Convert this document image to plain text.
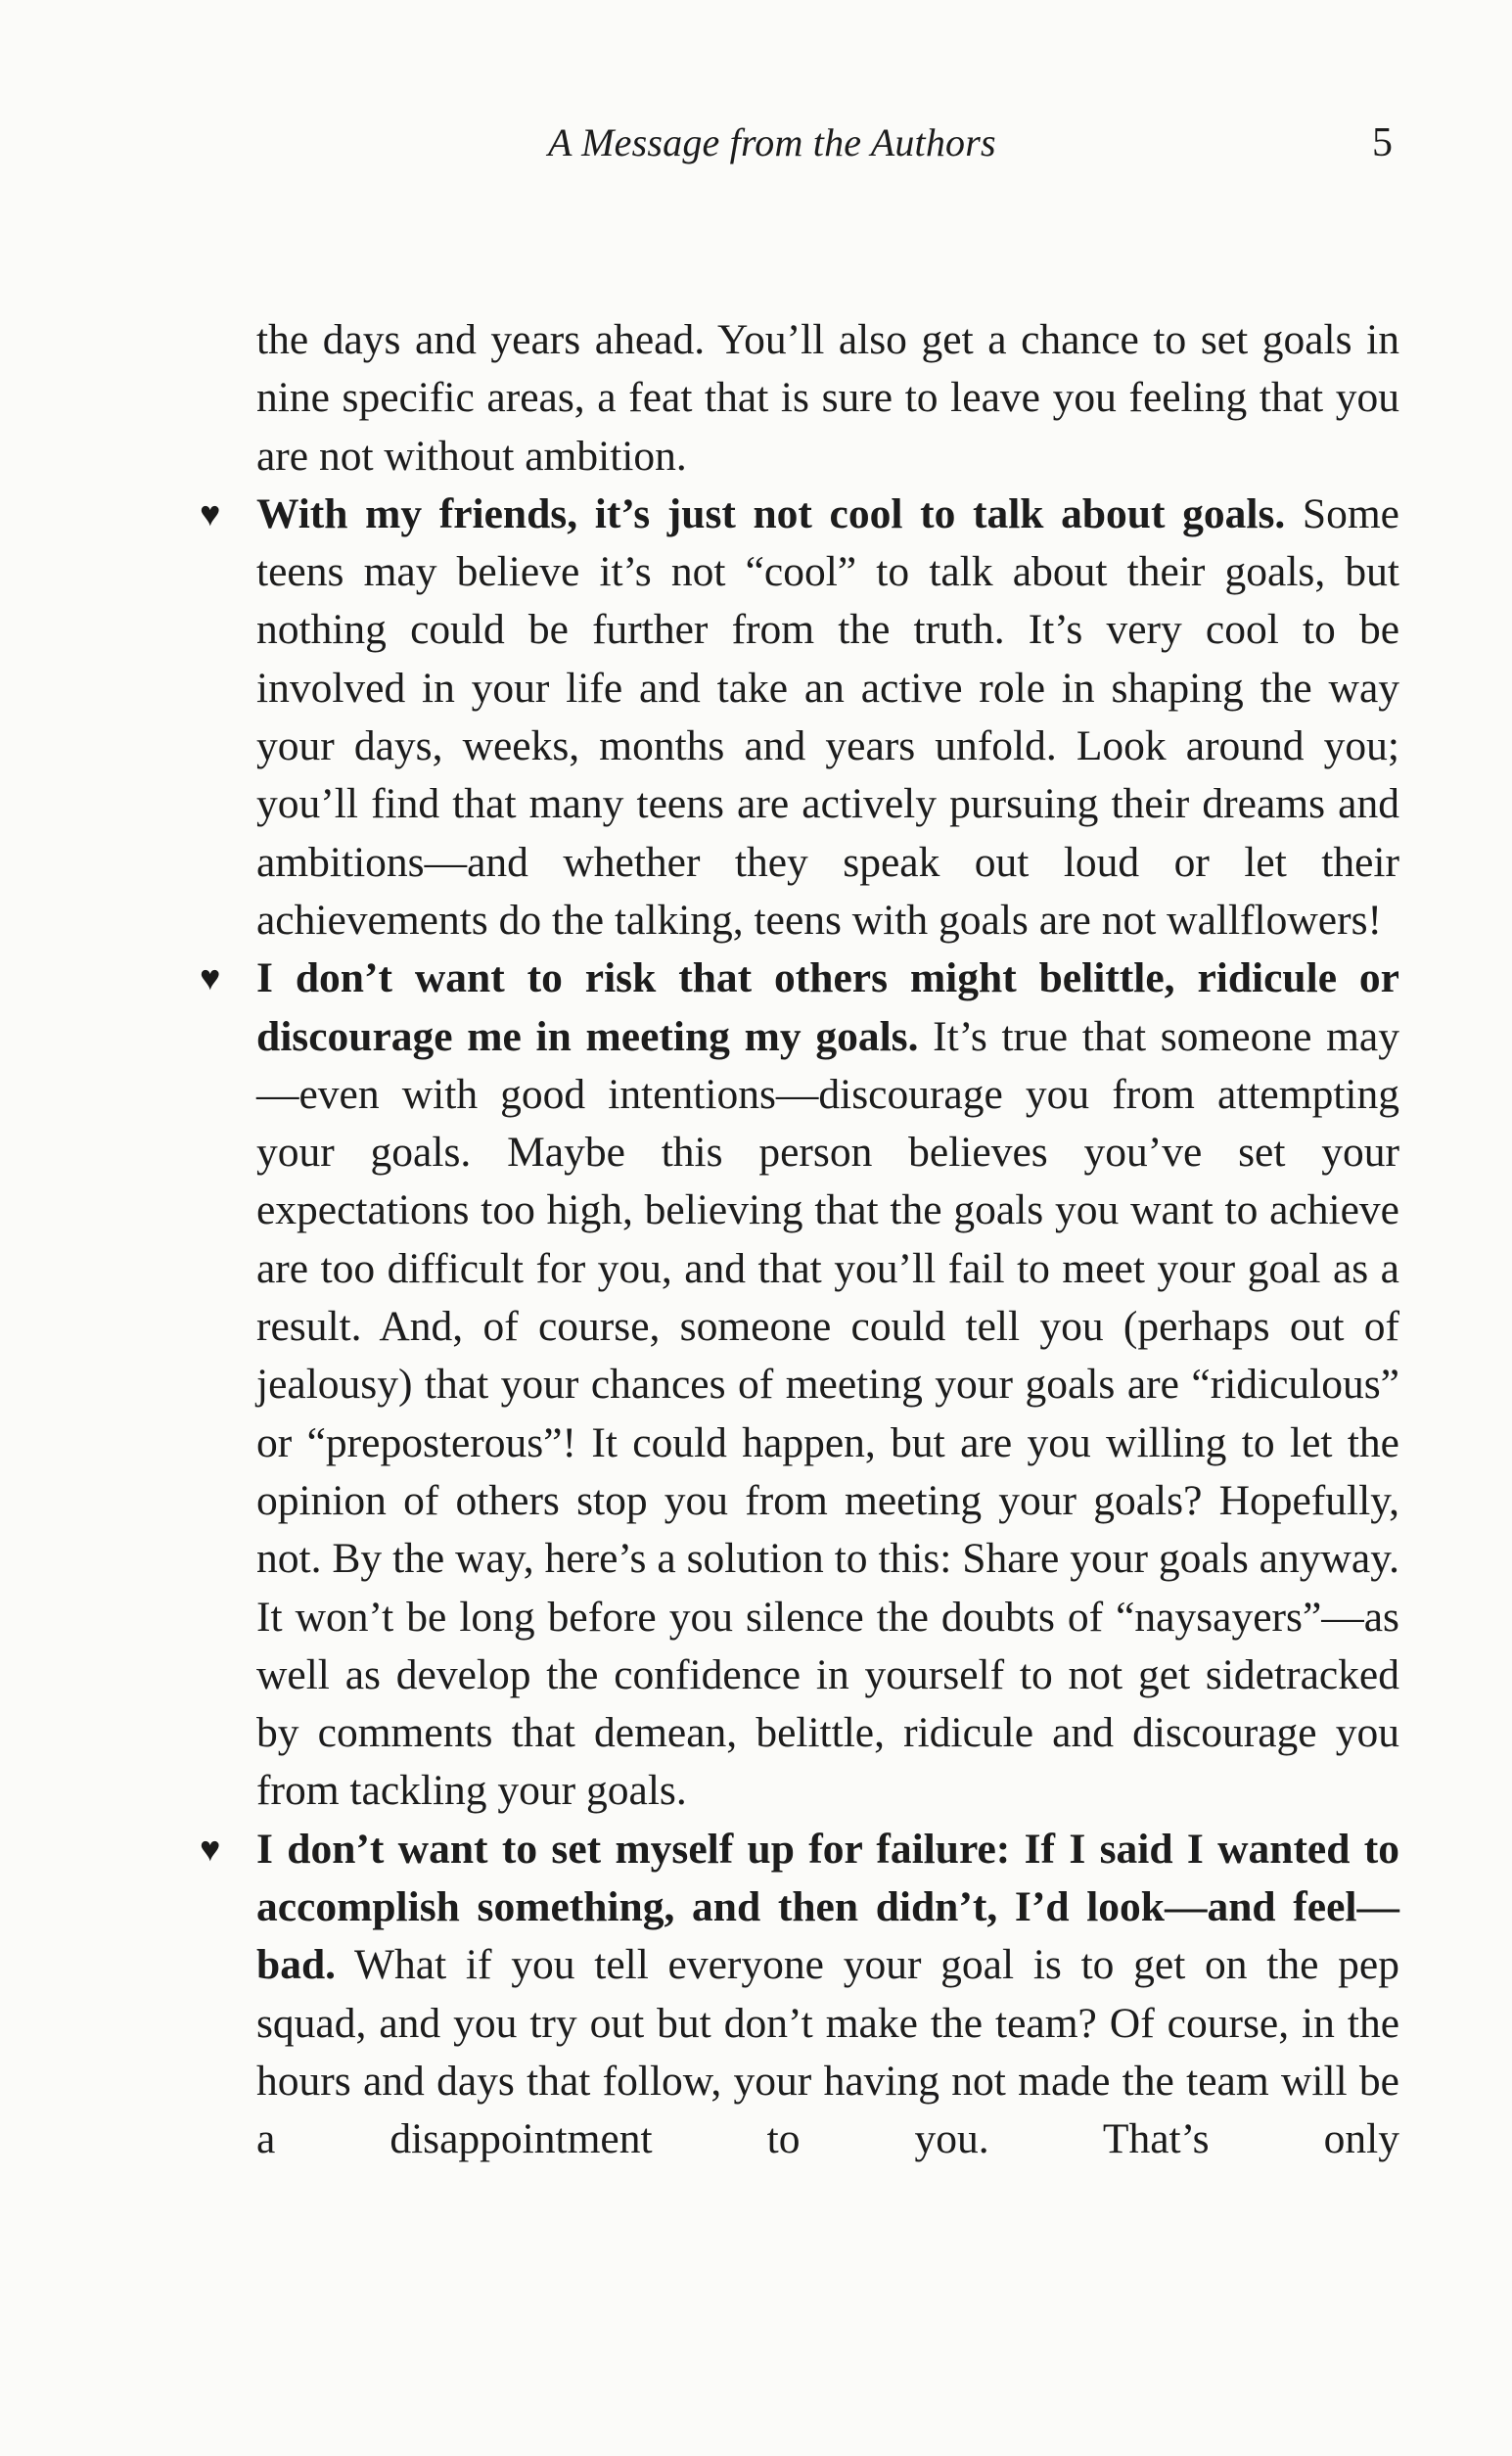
A Message from the Authors	5

the days and years ahead. You’ll also get a chance to set goals in nine specific areas, a feat that is sure to leave you feeling that you are not without ambition.

♥ With my friends, it’s just not cool to talk about goals. Some teens may believe it’s not “cool” to talk about their goals, but nothing could be further from the truth. It’s very cool to be involved in your life and take an active role in shaping the way your days, weeks, months and years unfold. Look around you; you’ll find that many teens are actively pursuing their dreams and ambitions—and whether they speak out loud or let their achievements do the talking, teens with goals are not wallflowers!

♥ I don’t want to risk that others might belittle, ridicule or discourage me in meeting my goals. It’s true that someone may—even with good intentions—discourage you from attempting your goals. Maybe this person believes you’ve set your expectations too high, believing that the goals you want to achieve are too difficult for you, and that you’ll fail to meet your goal as a result. And, of course, someone could tell you (perhaps out of jealousy) that your chances of meeting your goals are “ridiculous” or “preposterous”! It could happen, but are you willing to let the opinion of others stop you from meeting your goals? Hopefully, not. By the way, here’s a solution to this: Share your goals anyway. It won’t be long before you silence the doubts of “naysayers”—as well as develop the confidence in yourself to not get sidetracked by comments that demean, belittle, ridicule and discourage you from tackling your goals.

♥ I don’t want to set myself up for failure: If I said I wanted to accomplish something, and then didn’t, I’d look—and feel—bad. What if you tell everyone your goal is to get on the pep squad, and you try out but don’t make the team? Of course, in the hours and days that follow, your having not made the team will be a disappointment to you. That’s only
